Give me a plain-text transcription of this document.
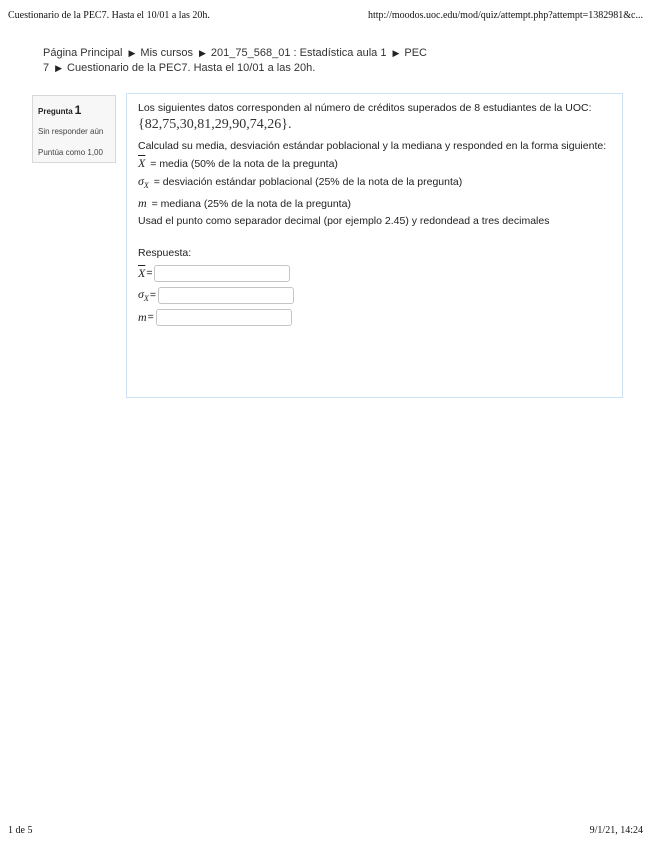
Cuestionario de la PEC7. Hasta el 10/01 a las 20h.	http://moodos.uoc.edu/mod/quiz/attempt.php?attempt=1382981&c...
Página Principal ▶ Mis cursos ▶ 201_75_568_01 : Estadística aula 1 ▶ PEC 7 ▶ Cuestionario de la PEC7. Hasta el 10/01 a las 20h.
Pregunta 1
Sin responder aún
Puntúa como 1,00
Los siguientes datos corresponden al número de créditos superados de 8 estudiantes de la UOC:
{82,75,30,81,29,90,74,26}.
Calculad su media, desviación estándar poblacional y la mediana y responded en la forma siguiente:
$\overline{X}$ = media (50% de la nota de la pregunta)
$\sigma_X$ = desviación estándar poblacional (25% de la nota de la pregunta)
m = mediana (25% de la nota de la pregunta)
Usad el punto como separador decimal (por ejemplo 2.45) y redondead a tres decimales
Respuesta:
$\overline{X}$ =
$\sigma_X$ =
m =
1 de 5	9/1/21, 14:24
